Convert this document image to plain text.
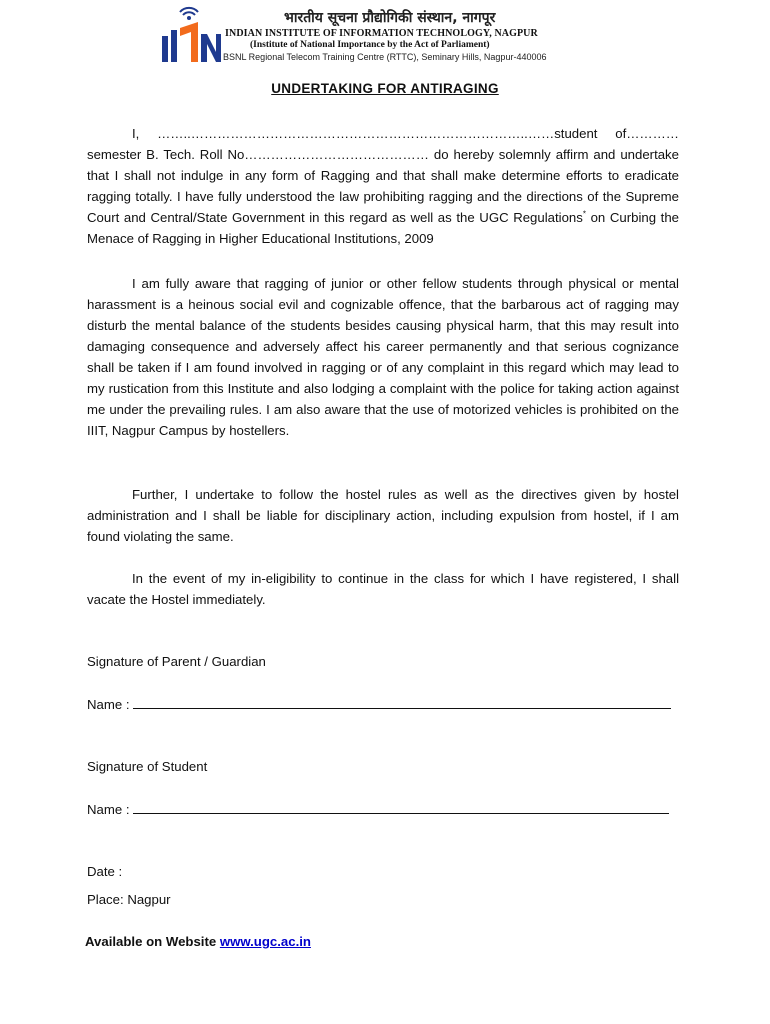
भारतीय सूचना प्रौद्योगिकी संस्थान, नागपूर
INDIAN INSTITUTE OF INFORMATION TECHNOLOGY, NAGPUR
(Institute of National Importance by the Act of Parliament)
BSNL Regional Telecom Training Centre (RTTC), Seminary Hills, Nagpur-440006
UNDERTAKING FOR ANTIRAGING

I, ……..…………………………………………………………………..……student of…………semester B. Tech. Roll No…………………………………… do hereby solemnly affirm and undertake that I shall not indulge in any form of Ragging and that shall make determine efforts to eradicate ragging totally. I have fully understood the law prohibiting ragging and the directions of the Supreme Court and Central/State Government in this regard as well as the UGC Regulations* on Curbing the Menace of Ragging in Higher Educational Institutions, 2009

I am fully aware that ragging of junior or other fellow students through physical or mental harassment is a heinous social evil and cognizable offence, that the barbarous act of ragging may disturb the mental balance of the students besides causing physical harm, that this may result into damaging consequence and adversely affect his career permanently and that serious cognizance shall be taken if I am found involved in ragging or of any complaint in this regard which may lead to my rustication from this Institute and also lodging a complaint with the police for taking action against me under the prevailing rules. I am also aware that the use of motorized vehicles is prohibited on the IIIT, Nagpur Campus by hostellers.

Further, I undertake to follow the hostel rules as well as the directives given by hostel administration and I shall be liable for disciplinary action, including expulsion from hostel, if I am found violating the same.

In the event of my in-eligibility to continue in the class for which I have registered, I shall vacate the Hostel immediately.

Signature of Parent / Guardian
Name :
Signature of Student
Name :
Date :
Place: Nagpur
Available on Website www.ugc.ac.in
